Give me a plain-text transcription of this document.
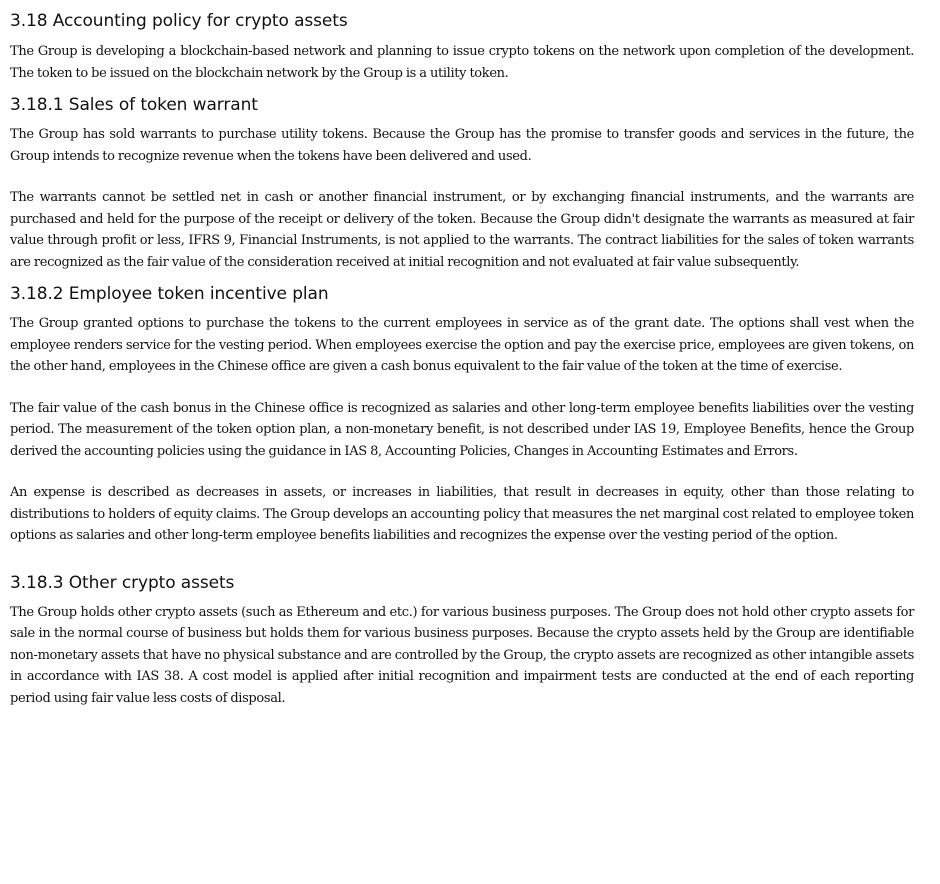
3.18 Accounting policy for crypto assets

The Group is developing a blockchain-based network and planning to issue crypto tokens on the network upon completion of the development. The token to be issued on the blockchain network by the Group is a utility token.

3.18.1 Sales of token warrant

The Group has sold warrants to purchase utility tokens. Because the Group has the promise to transfer goods and services in the future, the Group intends to recognize revenue when the tokens have been delivered and used.

The warrants cannot be settled net in cash or another financial instrument, or by exchanging financial instruments, and the warrants are purchased and held for the purpose of the receipt or delivery of the token. Because the Group didn't designate the warrants as measured at fair value through profit or less, IFRS 9, Financial Instruments, is not applied to the warrants. The contract liabilities for the sales of token warrants are recognized as the fair value of the consideration received at initial recognition and not evaluated at fair value subsequently.

3.18.2 Employee token incentive plan

The Group granted options to purchase the tokens to the current employees in service as of the grant date. The options shall vest when the employee renders service for the vesting period. When employees exercise the option and pay the exercise price, employees are given tokens, on the other hand, employees in the Chinese office are given a cash bonus equivalent to the fair value of the token at the time of exercise.

The fair value of the cash bonus in the Chinese office is recognized as salaries and other long-term employee benefits liabilities over the vesting period. The measurement of the token option plan, a non-monetary benefit, is not described under IAS 19, Employee Benefits, hence the Group derived the accounting policies using the guidance in IAS 8, Accounting Policies, Changes in Accounting Estimates and Errors.

An expense is described as decreases in assets, or increases in liabilities, that result in decreases in equity, other than those relating to distributions to holders of equity claims. The Group develops an accounting policy that measures the net marginal cost related to employee token options as salaries and other long-term employee benefits liabilities and recognizes the expense over the vesting period of the option.

3.18.3 Other crypto assets

The Group holds other crypto assets (such as Ethereum and etc.) for various business purposes. The Group does not hold other crypto assets for sale in the normal course of business but holds them for various business purposes. Because the crypto assets held by the Group are identifiable non-monetary assets that have no physical substance and are controlled by the Group, the crypto assets are recognized as other intangible assets in accordance with IAS 38. A cost model is applied after initial recognition and impairment tests are conducted at the end of each reporting period using fair value less costs of disposal.
